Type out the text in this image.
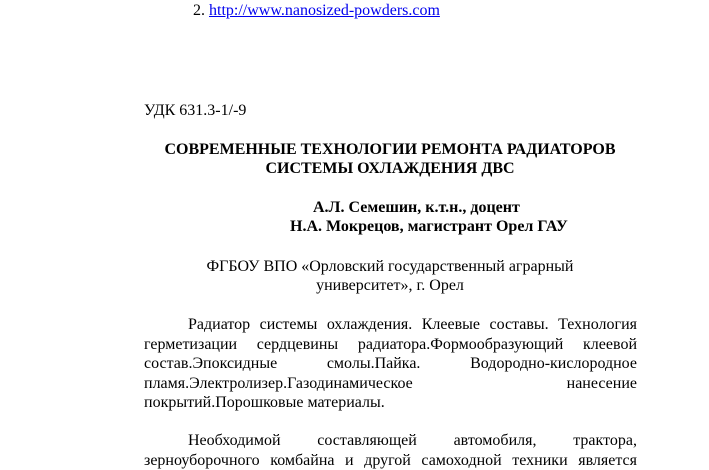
2. http://www.nanosized-powders.com
УДК 631.3-1/-9
СОВРЕМЕННЫЕ ТЕХНОЛОГИИ РЕМОНТА РАДИАТОРОВ
СИСТЕМЫ ОХЛАЖДЕНИЯ ДВС
А.Л. Семешин, к.т.н., доцент
Н.А. Мокрецов, магистрант Орел ГАУ
ФГБОУ ВПО «Орловский государственный аграрный
университет», г. Орел
Радиатор системы охлаждения. Клеевые составы. Технология
герметизации сердцевины радиатора.Формообразующий клеевой
состав.Эпоксидные	смолы.Пайка.	Водородно-кислородное
пламя.Электролизер.Газодинамическое	нанесение
покрытий.Порошковые материалы.
Необходимой составляющей автомобиля, трактора,
зерноуборочного комбайна и другой самоходной техники является
